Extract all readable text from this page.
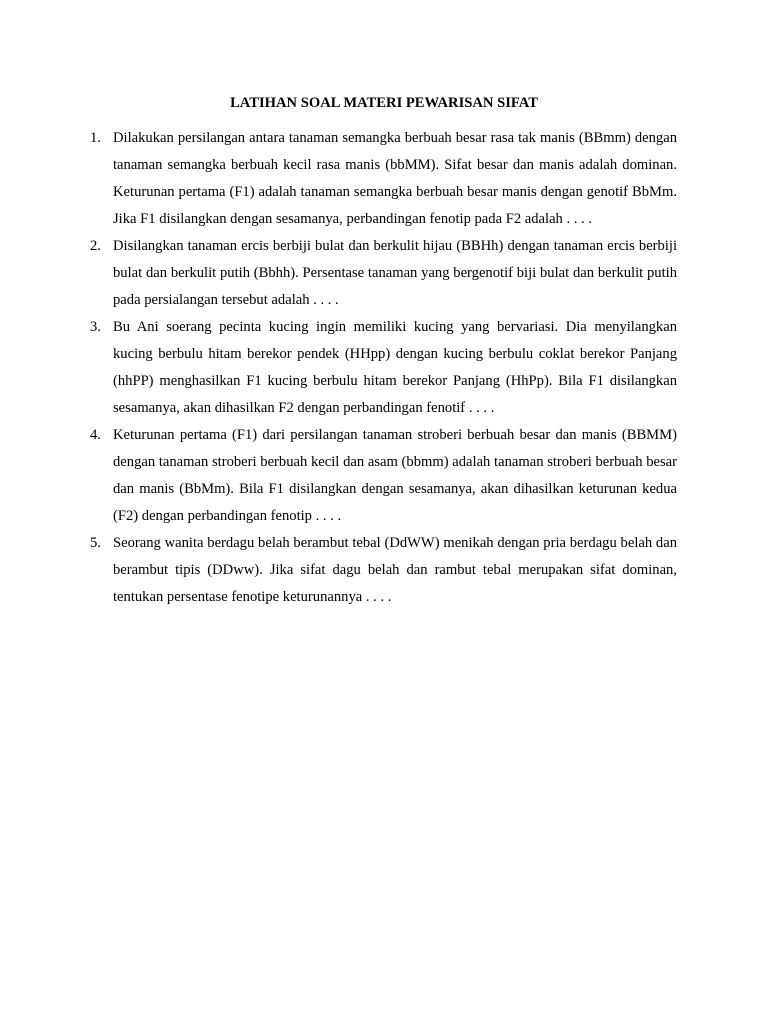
LATIHAN SOAL MATERI PEWARISAN SIFAT
1. Dilakukan persilangan antara tanaman semangka berbuah besar rasa tak manis (BBmm) dengan tanaman semangka berbuah kecil rasa manis (bbMM). Sifat besar dan manis adalah dominan. Keturunan pertama (F1) adalah tanaman semangka berbuah besar manis dengan genotif BbMm. Jika F1 disilangkan dengan sesamanya, perbandingan fenotip pada F2 adalah . . . .

2. Disilangkan tanaman ercis berbiji bulat dan berkulit hijau (BBHh) dengan tanaman ercis berbiji bulat dan berkulit putih (Bbhh). Persentase tanaman yang bergenotif biji bulat dan berkulit putih pada persialangan tersebut adalah . . . .

3. Bu Ani soerang pecinta kucing ingin memiliki kucing yang bervariasi. Dia menyilangkan kucing berbulu hitam berekor pendek (HHpp) dengan kucing berbulu coklat berekor Panjang (hhPP) menghasilkan F1 kucing berbulu hitam berekor Panjang (HhPp). Bila F1 disilangkan sesamanya, akan dihasilkan F2 dengan perbandingan fenotif . . . .

4. Keturunan pertama (F1) dari persilangan tanaman stroberi berbuah besar dan manis (BBMM) dengan tanaman stroberi berbuah kecil dan asam (bbmm) adalah tanaman stroberi berbuah besar dan manis (BbMm). Bila F1 disilangkan dengan sesamanya, akan dihasilkan keturunan kedua (F2) dengan perbandingan fenotip . . . .

5. Seorang wanita berdagu belah berambut tebal (DdWW) menikah dengan pria berdagu belah dan berambut tipis (DDww). Jika sifat dagu belah dan rambut tebal merupakan sifat dominan, tentukan persentase fenotipe keturunannya . . . .
